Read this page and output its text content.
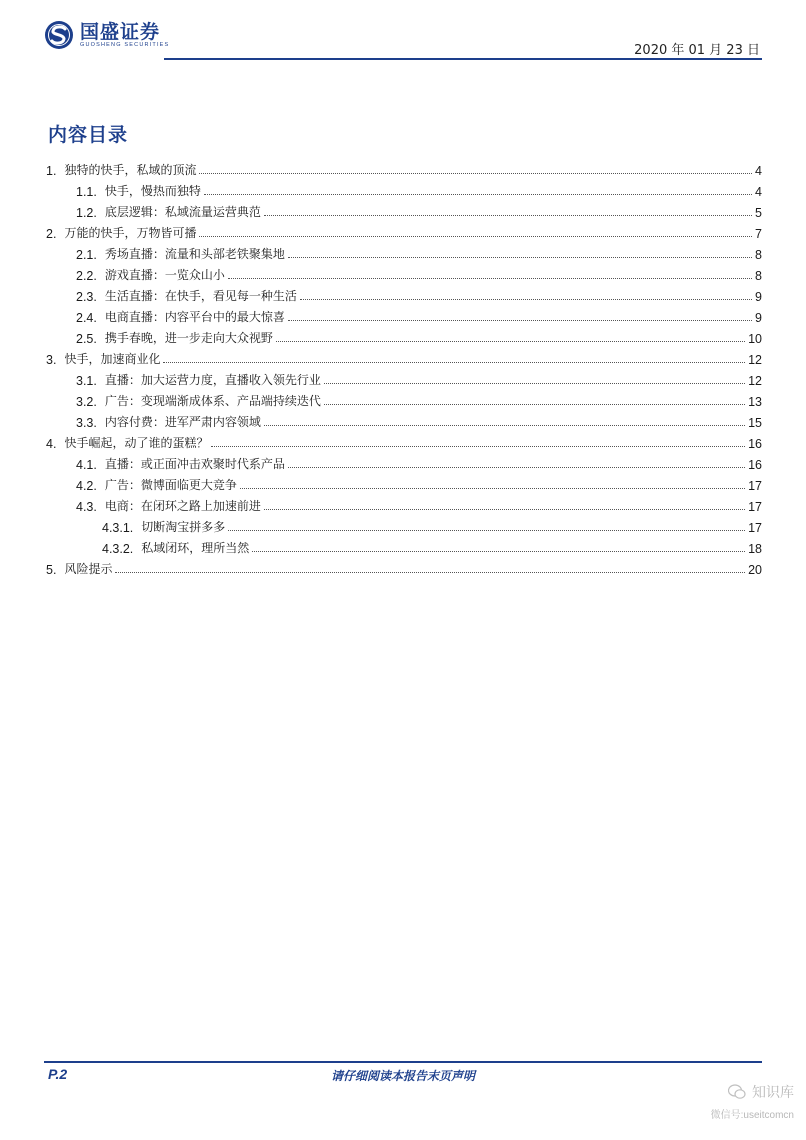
国盛证券
GUOSHENG SECURITIES	2020 年 01 月 23 日
内容目录
1. 独特的快手，私域的顶流	4
1.1. 快手，慢热而独特	4
1.2. 底层逻辑：私域流量运营典范	5
2. 万能的快手，万物皆可播	7
2.1. 秀场直播：流量和头部老铁聚集地	8
2.2. 游戏直播：一览众山小	8
2.3. 生活直播：在快手，看见每一种生活	9
2.4. 电商直播：内容平台中的最大惊喜	9
2.5. 携手春晚，进一步走向大众视野	10
3. 快手，加速商业化	12
3.1. 直播：加大运营力度，直播收入领先行业	12
3.2. 广告：变现端渐成体系、产品端持续迭代	13
3.3. 内容付费：进军严肃内容领域	15
4. 快手崛起，动了谁的蛋糕？	16
4.1. 直播：或正面冲击欢聚时代系产品	16
4.2. 广告：微博面临更大竞争	17
4.3. 电商：在闭环之路上加速前进	17
4.3.1. 切断淘宝拼多多	17
4.3.2. 私域闭环，理所当然	18
5. 风险提示	20
P.2	请仔细阅读本报告末页声明
知识库
微信号:useitcomcn
